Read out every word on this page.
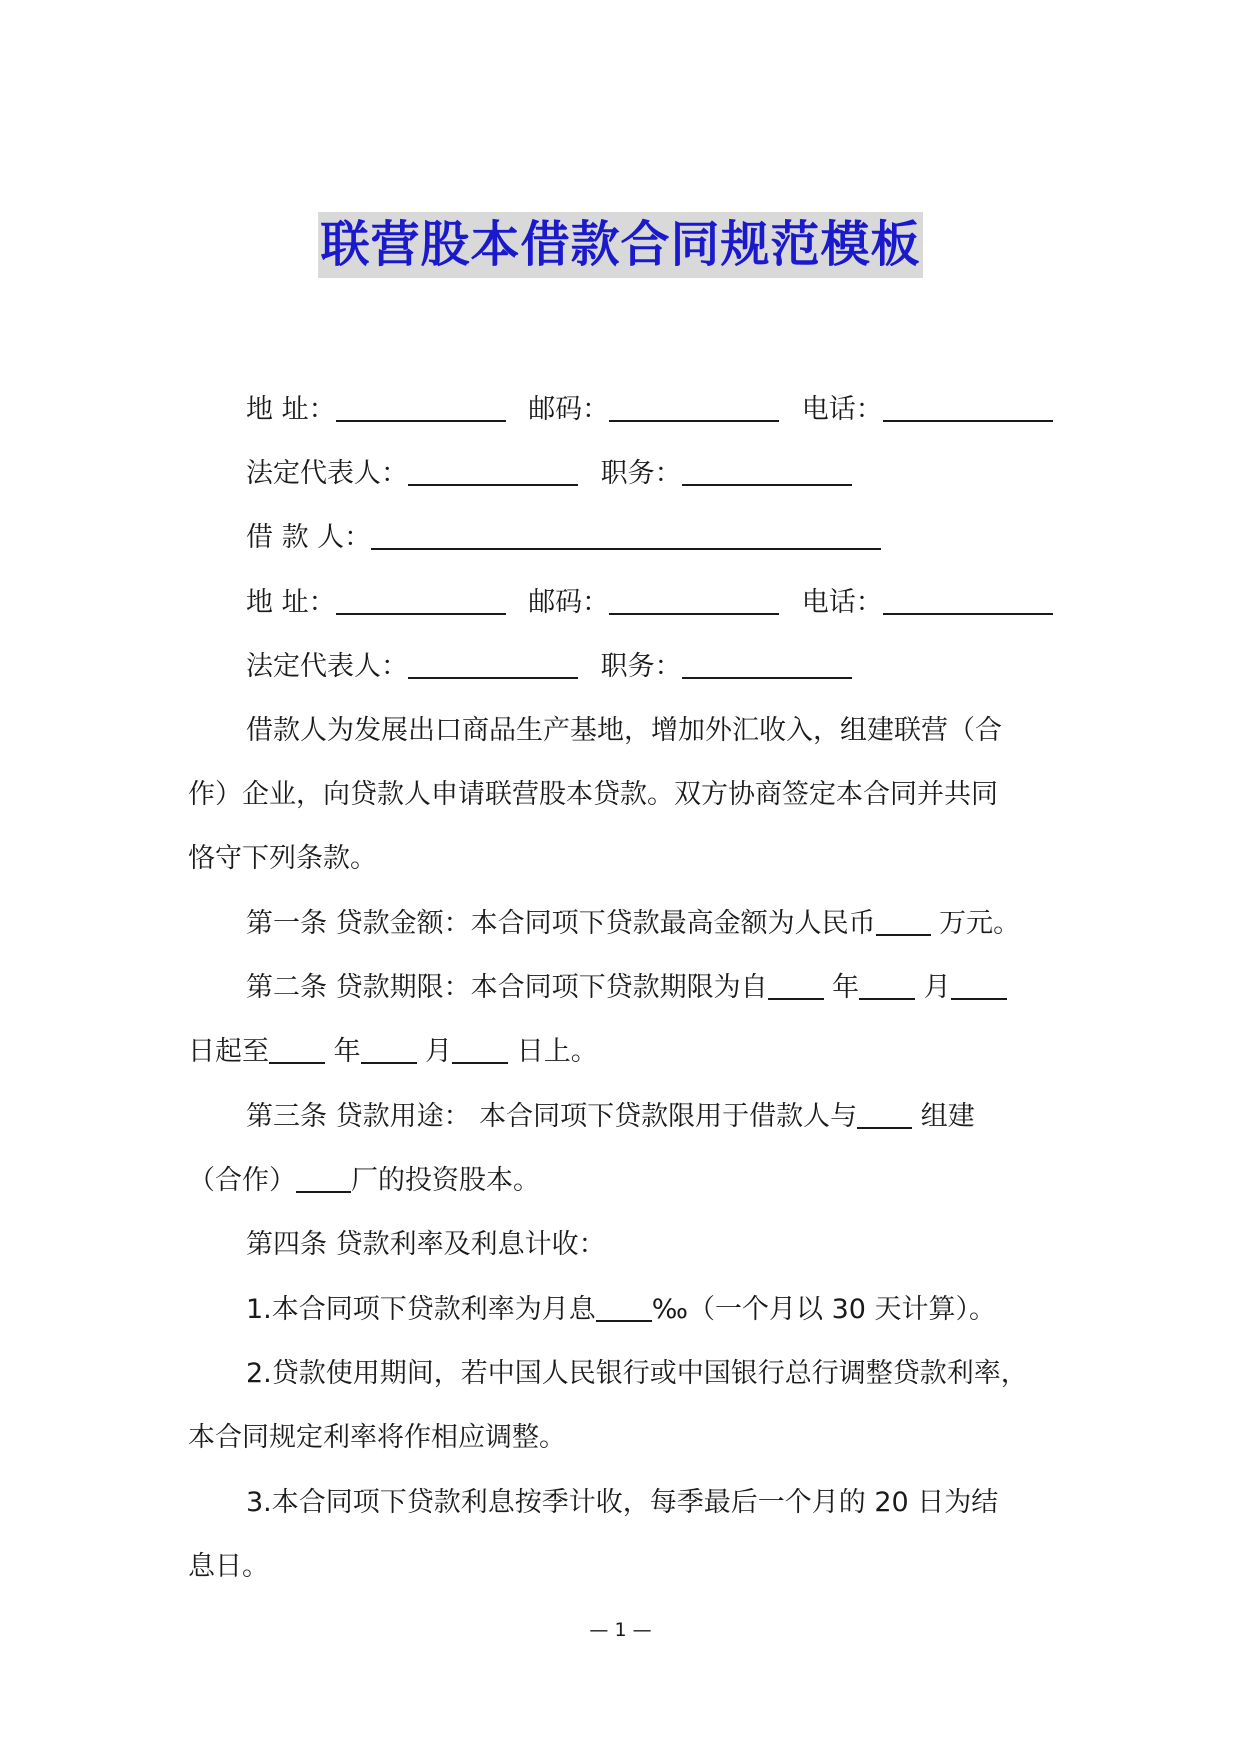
联营股本借款合同规范模板
地 址：	邮码：	电话：
法定代表人：	职务：
借 款 人：
地 址：	邮码：	电话：
法定代表人：	职务：
借款人为发展出口商品生产基地，增加外汇收入，组建联营（合
作）企业，向贷款人申请联营股本贷款。双方协商签定本合同并共同
恪守下列条款。
第一条 贷款金额：本合同项下贷款最高金额为人民币 万元。
第二条 贷款期限：本合同项下贷款期限为自 年 月
日起至 年 月 日上。
第三条 贷款用途： 本合同项下贷款限用于借款人与 组建
（合作） 厂的投资股本。
第四条 贷款利率及利息计收：
1.本合同项下贷款利率为月息 ‰（一个月以 30 天计算）。
2.贷款使用期间，若中国人民银行或中国银行总行调整贷款利率，
本合同规定利率将作相应调整。
3.本合同项下贷款利息按季计收，每季最后一个月的 20 日为结
息日。
— 1 —
